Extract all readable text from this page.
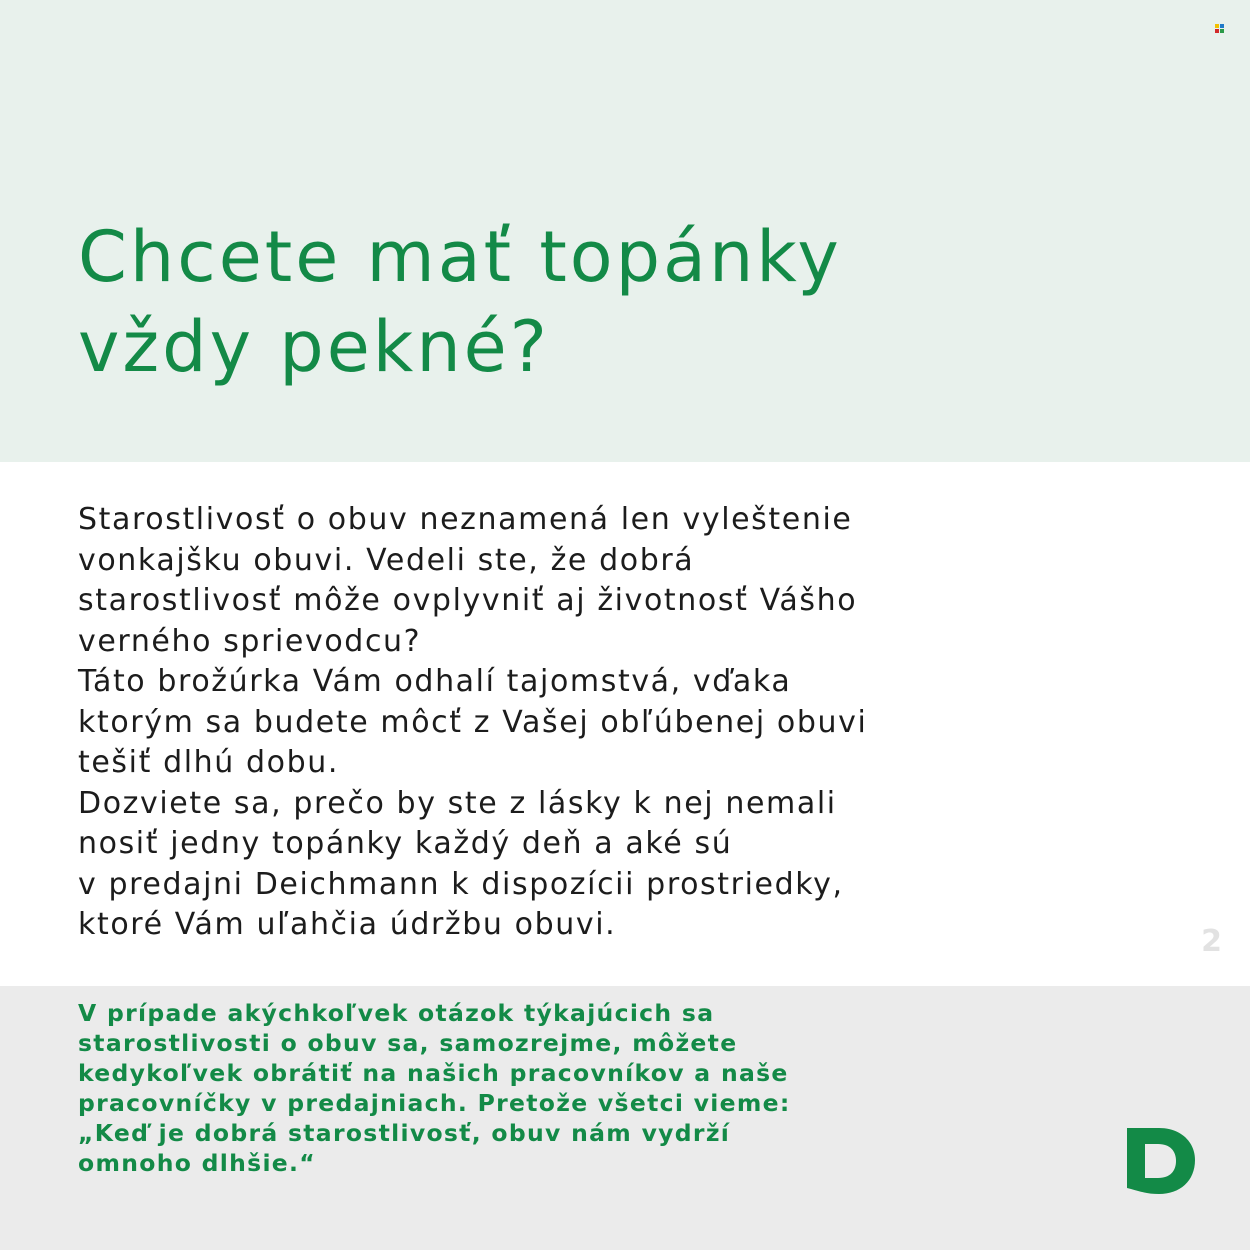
Chcete mať topánky
vždy pekné?
Starostlivosť o obuv neznamená len vyleštenie
vonkajšku obuvi. Vedeli ste, že dobrá
starostlivosť môže ovplyvniť aj životnosť Vášho
verného sprievodcu?
Táto brožúrka Vám odhalí tajomstvá, vďaka
ktorým sa budete môcť z Vašej obľúbenej obuvi
tešiť dlhú dobu.
Dozviete sa, prečo by ste z lásky k nej nemali
nosiť jedny topánky každý deň a aké sú
v predajni Deichmann k dispozícii prostriedky,
ktoré Vám uľahčia údržbu obuvi.	2
V prípade akýchkoľvek otázok týkajúcich sa
starostlivosti o obuv sa, samozrejme, môžete
kedykoľvek obrátiť na našich pracovníkov a naše
pracovníčky v predajniach. Pretože všetci vieme:
„Keď je dobrá starostlivosť, obuv nám vydrží
omnoho dlhšie.“
